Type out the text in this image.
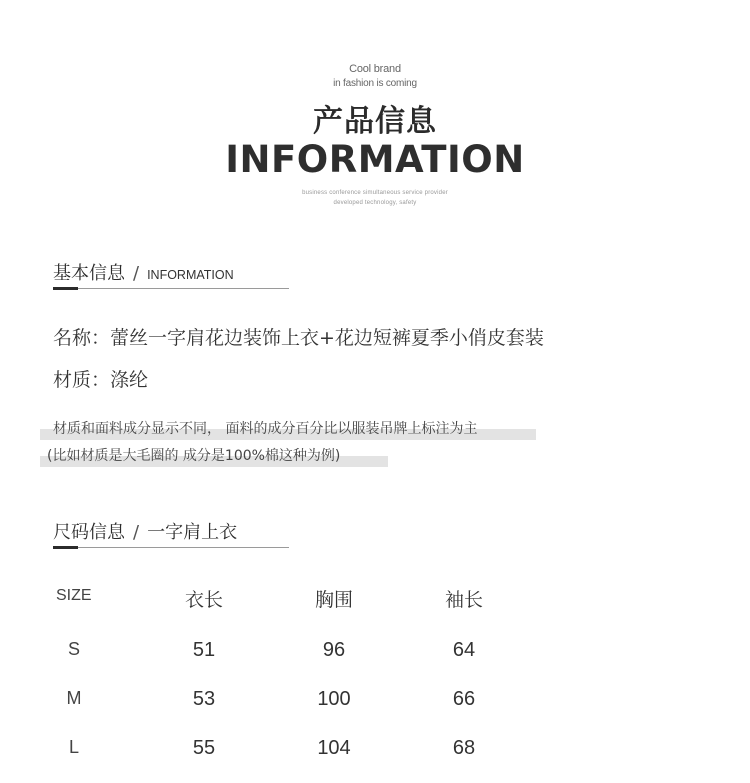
Cool brand
in fashion is coming
产品信息
INFORMATION
business conference simultaneous service provider
developed technology, safety
基本信息 / INFORMATION
名称：蕾丝一字肩花边装饰上衣+花边短裤夏季小俏皮套装
材质：涤纶
材质和面料成分显示不同， 面料的成分百分比以服装吊牌上标注为主
(比如材质是大毛圈的 成分是100%棉这种为例)
尺码信息 / 一字肩上衣
SIZE	衣长	胸围	袖长
S	51	96	64
M	53	100	66
L	55	104	68
